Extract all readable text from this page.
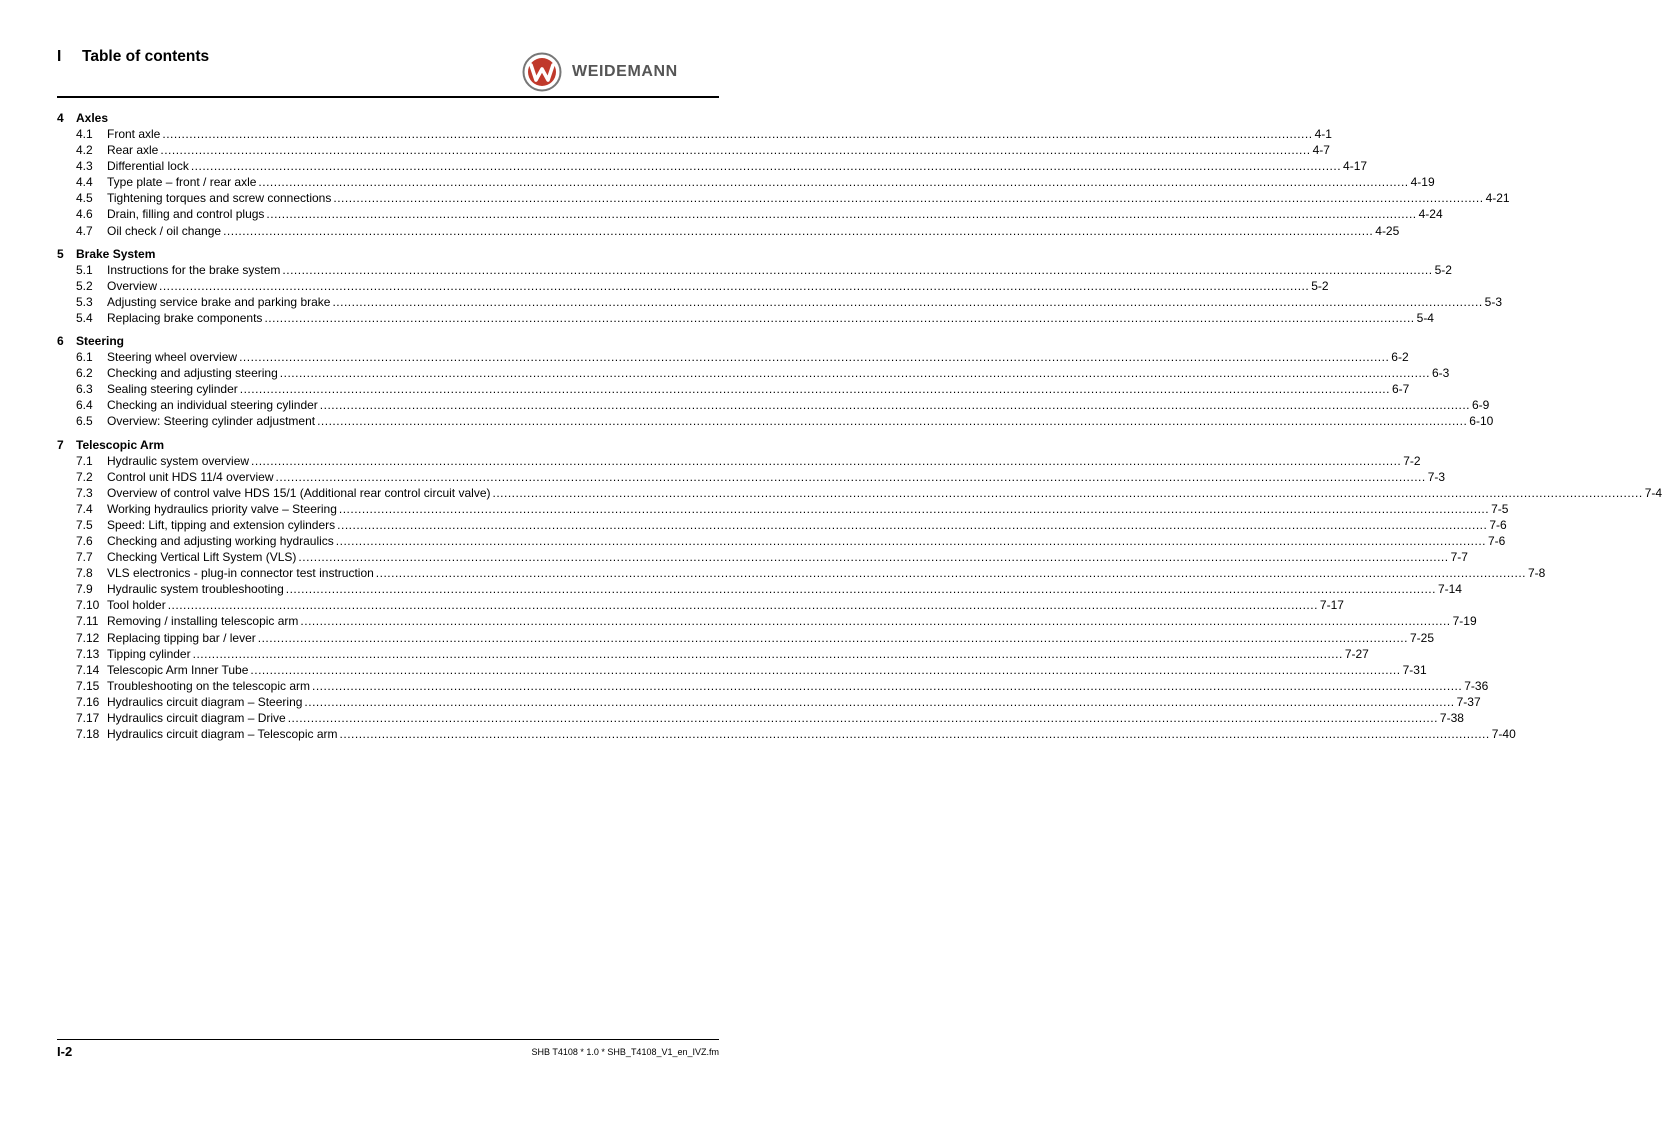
I Table of contents
WEIDEMANN
4	Axles
4.1	Front axle ............................................................................................................................................................................................................................................................................................................ 4-1
4.2	Rear axle ............................................................................................................................................................................................................................................................................................................ 4-7
4.3	Differential lock ............................................................................................................................................................................................................................................................................................................ 4-17
4.4	Type plate – front / rear axle ............................................................................................................................................................................................................................................................................................................ 4-19
4.5	Tightening torques and screw connections ............................................................................................................................................................................................................................................................................................................ 4-21
4.6	Drain, filling and control plugs ............................................................................................................................................................................................................................................................................................................ 4-24
4.7	Oil check / oil change ............................................................................................................................................................................................................................................................................................................ 4-25
5	Brake System
5.1	Instructions for the brake system ............................................................................................................................................................................................................................................................................................................ 5-2
5.2	Overview ............................................................................................................................................................................................................................................................................................................ 5-2
5.3	Adjusting service brake and parking brake ............................................................................................................................................................................................................................................................................................................ 5-3
5.4	Replacing brake components ............................................................................................................................................................................................................................................................................................................ 5-4
6	Steering
6.1	Steering wheel overview ............................................................................................................................................................................................................................................................................................................ 6-2
6.2	Checking and adjusting steering ............................................................................................................................................................................................................................................................................................................ 6-3
6.3	Sealing steering cylinder ............................................................................................................................................................................................................................................................................................................ 6-7
6.4	Checking an individual steering cylinder ............................................................................................................................................................................................................................................................................................................ 6-9
6.5	Overview: Steering cylinder adjustment ............................................................................................................................................................................................................................................................................................................ 6-10
7	Telescopic Arm
7.1	Hydraulic system overview ............................................................................................................................................................................................................................................................................................................ 7-2
7.2	Control unit HDS 11/4 overview ............................................................................................................................................................................................................................................................................................................ 7-3
7.3	Overview of control valve HDS 15/1 (Additional rear control circuit valve) ............................................................................................................................................................................................................................................................................................................ 7-4
7.4	Working hydraulics priority valve – Steering ............................................................................................................................................................................................................................................................................................................ 7-5
7.5	Speed: Lift, tipping and extension cylinders ............................................................................................................................................................................................................................................................................................................ 7-6
7.6	Checking and adjusting working hydraulics ............................................................................................................................................................................................................................................................................................................ 7-6
7.7	Checking Vertical Lift System (VLS) ............................................................................................................................................................................................................................................................................................................ 7-7
7.8	VLS electronics - plug-in connector test instruction ............................................................................................................................................................................................................................................................................................................ 7-8
7.9	Hydraulic system troubleshooting ............................................................................................................................................................................................................................................................................................................ 7-14
7.10 Tool holder ............................................................................................................................................................................................................................................................................................................ 7-17
7.11 Removing / installing telescopic arm ............................................................................................................................................................................................................................................................................................................ 7-19
7.12 Replacing tipping bar / lever ............................................................................................................................................................................................................................................................................................................ 7-25
7.13 Tipping cylinder ............................................................................................................................................................................................................................................................................................................ 7-27
7.14 Telescopic Arm Inner Tube ............................................................................................................................................................................................................................................................................................................ 7-31
7.15 Troubleshooting on the telescopic arm ............................................................................................................................................................................................................................................................................................................ 7-36
7.16 Hydraulics circuit diagram – Steering ............................................................................................................................................................................................................................................................................................................ 7-37
7.17 Hydraulics circuit diagram – Drive ............................................................................................................................................................................................................................................................................................................ 7-38
7.18 Hydraulics circuit diagram – Telescopic arm ............................................................................................................................................................................................................................................................................................................ 7-40
I-2	SHB T4108 * 1.0 * SHB_T4108_V1_en_IVZ.fm
